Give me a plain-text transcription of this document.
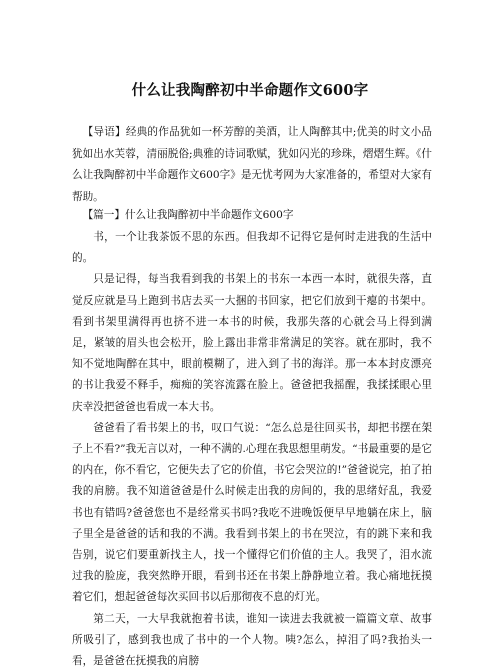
什么让我陶醉初中半命题作文600字

【导语】经典的作品犹如一杯芳醇的美酒，让人陶醉其中;优美的时文小品犹如出水芙蓉，清丽脱俗;典雅的诗词歌赋，犹如闪光的珍珠，熠熠生辉。《什么让我陶醉初中半命题作文600字》是无忧考网为大家准备的，希望对大家有帮助。

【篇一】什么让我陶醉初中半命题作文600字

书，一个让我茶饭不思的东西。但我却不记得它是何时走进我的生活中的。

只是记得，每当我看到我的书架上的书东一本西一本时，就很失落，直觉反应就是马上跑到书店去买一大捆的书回家，把它们放到干瘪的书架中。看到书架里满得再也挤不进一本书的时候，我那失落的心就会马上得到满足，紧皱的眉头也会松开，脸上露出非常非常满足的笑容。就在那时，我不知不觉地陶醉在其中，眼前模糊了，进入到了书的海洋。那一本本封皮漂亮的书让我爱不释手，痴痴的笑容流露在脸上。爸爸把我摇醒，我揉揉眼心里庆幸没把爸爸也看成一本大书。

爸爸看了看书架上的书，叹口气说：“怎么总是往回买书，却把书摆在架子上不看?”我无言以对，一种不满的.心理在我思想里萌发。“书最重要的是它的内在，你不看它，它便失去了它的价值，书它会哭泣的!”爸爸说完，拍了拍我的肩膀。我不知道爸爸是什么时候走出我的房间的，我的思绪好乱，我爱书也有错吗?爸爸您也不是经常买书吗?我吃不进晚饭便早早地躺在床上，脑子里全是爸爸的话和我的不满。我看到书架上的书在哭泣，有的跳下来和我告别，说它们要重新找主人，找一个懂得它们价值的主人。我哭了，泪水流过我的脸庞，我突然睁开眼，看到书还在书架上静静地立着。我心痛地抚摸着它们，想起爸爸每次买回书以后那彻夜不息的灯光。

第二天，一大早我就抱着书读，谁知一读进去我就被一篇篇文章、故事所吸引了，感到我也成了书中的一个人物。咦?怎么，掉泪了吗?我抬头一看，是爸爸在抚摸我的肩膀
